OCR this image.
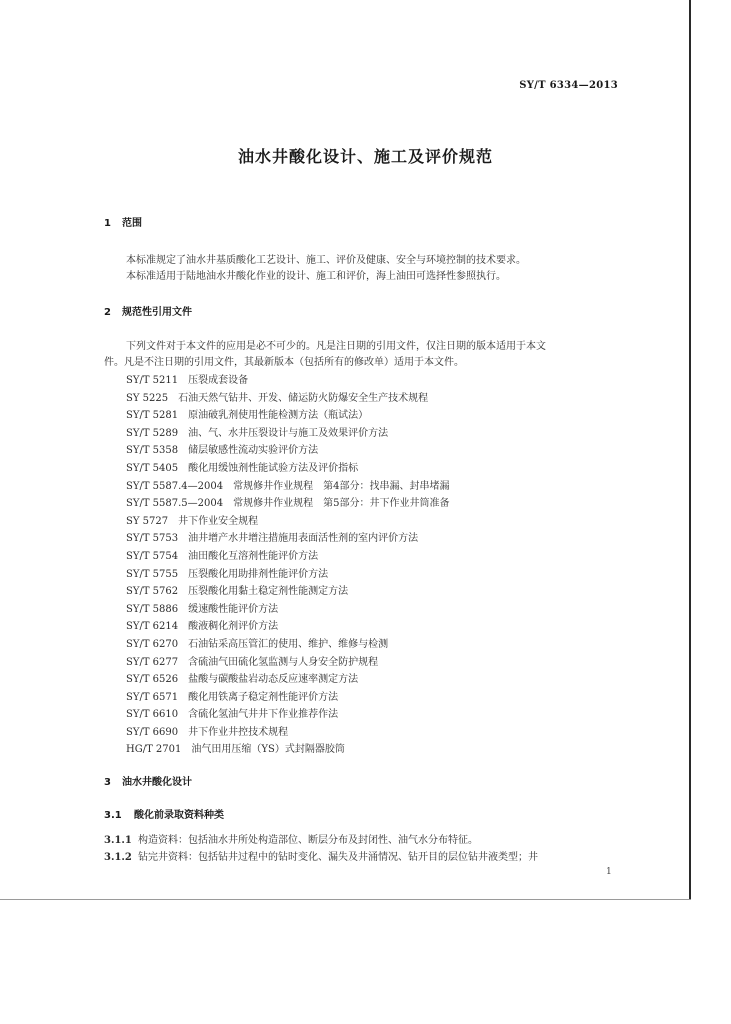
SY/T 6334—2013
油水井酸化设计、施工及评价规范
1 范围
本标准规定了油水井基质酸化工艺设计、施工、评价及健康、安全与环境控制的技术要求。
本标准适用于陆地油水井酸化作业的设计、施工和评价，海上油田可选择性参照执行。
2 规范性引用文件
下列文件对于本文件的应用是必不可少的。凡是注日期的引用文件，仅注日期的版本适用于本文
件。凡是不注日期的引用文件，其最新版本（包括所有的修改单）适用于本文件。
SY/T 5211 压裂成套设备
SY 5225 石油天然气钻井、开发、储运防火防爆安全生产技术规程
SY/T 5281 原油破乳剂使用性能检测方法（瓶试法）
SY/T 5289 油、气、水井压裂设计与施工及效果评价方法
SY/T 5358 储层敏感性流动实验评价方法
SY/T 5405 酸化用缓蚀剂性能试验方法及评价指标
SY/T 5587.4—2004 常规修井作业规程　第4部分：找串漏、封串堵漏
SY/T 5587.5—2004 常规修井作业规程　第5部分：井下作业井筒准备
SY 5727 井下作业安全规程
SY/T 5753 油井增产水井增注措施用表面活性剂的室内评价方法
SY/T 5754 油田酸化互溶剂性能评价方法
SY/T 5755 压裂酸化用助排剂性能评价方法
SY/T 5762 压裂酸化用黏土稳定剂性能测定方法
SY/T 5886 缓速酸性能评价方法
SY/T 6214 酸液稠化剂评价方法
SY/T 6270 石油钻采高压管汇的使用、维护、维修与检测
SY/T 6277 含硫油气田硫化氢监测与人身安全防护规程
SY/T 6526 盐酸与碳酸盐岩动态反应速率测定方法
SY/T 6571 酸化用铁离子稳定剂性能评价方法
SY/T 6610 含硫化氢油气井井下作业推荐作法
SY/T 6690 井下作业井控技术规程
HG/T 2701 油气田用压缩（YS）式封隔器胶筒
3 油水井酸化设计
3.1 酸化前录取资料种类
3.1.1 构造资料：包括油水井所处构造部位、断层分布及封闭性、油气水分布特征。
3.1.2 钻完井资料：包括钻井过程中的钻时变化、漏失及井涌情况、钻开目的层位钻井液类型；井
1
